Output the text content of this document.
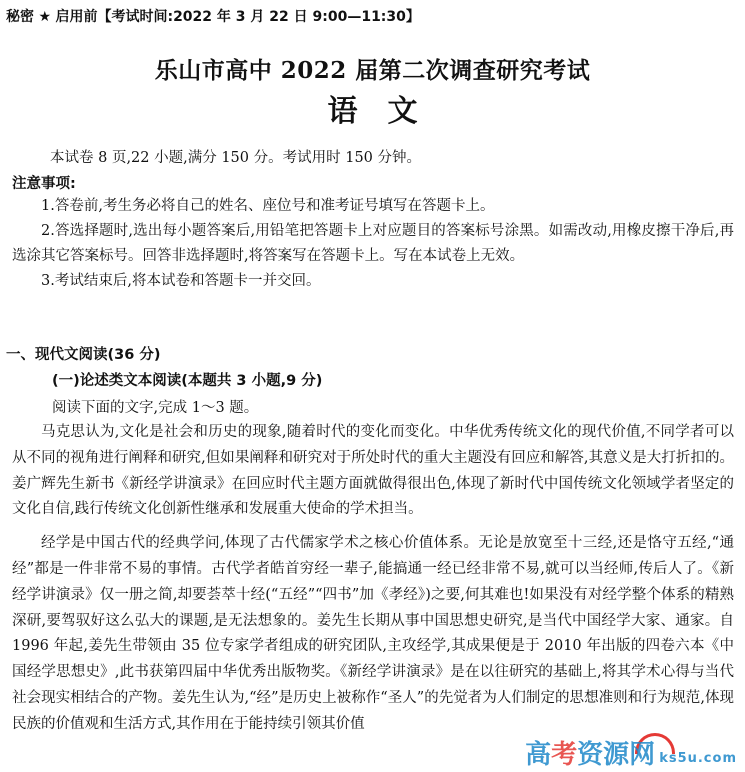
秘密 ★ 启用前【考试时间:2022 年 3 月 22 日 9:00—11:30】
乐山市高中 2022 届第二次调查研究考试
语文
本试卷 8 页,22 小题,满分 150 分。考试用时 150 分钟。
注意事项:

1.答卷前,考生务必将自己的姓名、座位号和准考证号填写在答题卡上。

2.答选择题时,选出每小题答案后,用铅笔把答题卡上对应题目的答案标号涂黑。如需改动,用橡皮擦干净后,再选涂其它答案标号。回答非选择题时,将答案写在答题卡上。写在本试卷上无效。

3.考试结束后,将本试卷和答题卡一并交回。

一、现代文阅读(36 分)
(一)论述类文本阅读(本题共 3 小题,9 分)
阅读下面的文字,完成 1～3 题。

马克思认为,文化是社会和历史的现象,随着时代的变化而变化。中华优秀传统文化的现代价值,不同学者可以从不同的视角进行阐释和研究,但如果阐释和研究对于所处时代的重大主题没有回应和解答,其意义是大打折扣的。姜广辉先生新书《新经学讲演录》在回应时代主题方面就做得很出色,体现了新时代中国传统文化领域学者坚定的文化自信,践行传统文化创新性继承和发展重大使命的学术担当。

经学是中国古代的经典学问,体现了古代儒家学术之核心价值体系。无论是放宽至十三经,还是恪守五经,“通经”都是一件非常不易的事情。古代学者皓首穷经一辈子,能搞通一经已经非常不易,就可以当经师,传后人了。《新经学讲演录》仅一册之简,却要荟萃十经(“五经”“四书”加《孝经》)之要,何其难也!如果没有对经学整个体系的精熟深研,要驾驭好这么弘大的课题,是无法想象的。姜先生长期从事中国思想史研究,是当代中国经学大家、通家。自 1996 年起,姜先生带领由 35 位专家学者组成的研究团队,主攻经学,其成果便是于 2010 年出版的四卷六本《中国经学思想史》,此书获第四届中华优秀出版物奖。《新经学讲演录》是在以往研究的基础上,将其学术心得与当代社会现实相结合的产物。姜先生认为,“经”是历史上被称作“圣人”的先觉者为人们制定的思想准则和行为规范,体现民族的价值观和生活方式,其作用在于能持续引领其价值

高考资源网 ks5u.com
